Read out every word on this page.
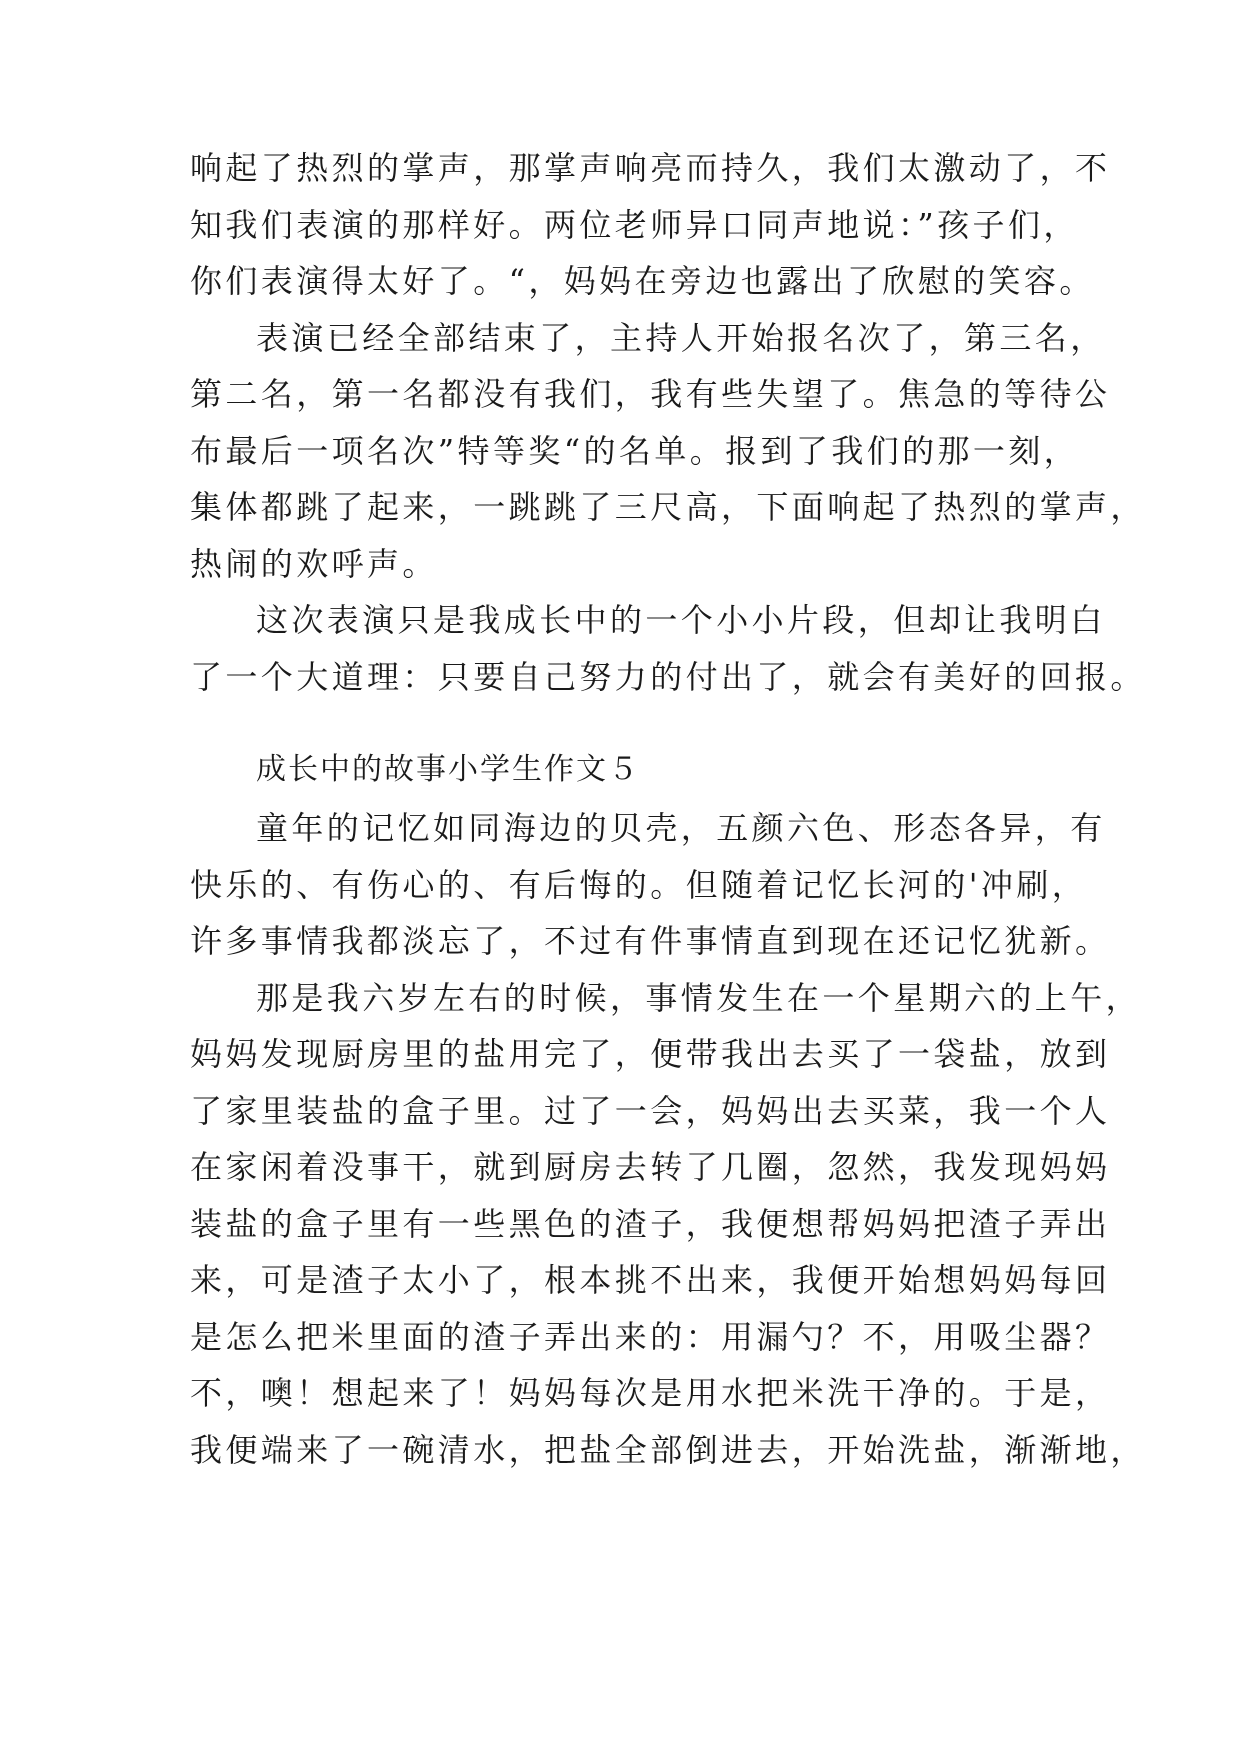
响起了热烈的掌声，那掌声响亮而持久，我们太激动了，不
知我们表演的那样好。两位老师异口同声地说：”孩子们，
你们表演得太好了。“，妈妈在旁边也露出了欣慰的笑容。
表演已经全部结束了，主持人开始报名次了，第三名，
第二名，第一名都没有我们，我有些失望了。焦急的等待公
布最后一项名次”特等奖“的名单。报到了我们的那一刻，
集体都跳了起来，一跳跳了三尺高，下面响起了热烈的掌声，
热闹的欢呼声。
这次表演只是我成长中的一个小小片段，但却让我明白
了一个大道理：只要自己努力的付出了，就会有美好的回报。
成长中的故事小学生作文５
童年的记忆如同海边的贝壳，五颜六色、形态各异，有
快乐的、有伤心的、有后悔的。但随着记忆长河的'冲刷，
许多事情我都淡忘了，不过有件事情直到现在还记忆犹新。
那是我六岁左右的时候，事情发生在一个星期六的上午，
妈妈发现厨房里的盐用完了，便带我出去买了一袋盐，放到
了家里装盐的盒子里。过了一会，妈妈出去买菜，我一个人
在家闲着没事干，就到厨房去转了几圈，忽然，我发现妈妈
装盐的盒子里有一些黑色的渣子，我便想帮妈妈把渣子弄出
来，可是渣子太小了，根本挑不出来，我便开始想妈妈每回
是怎么把米里面的渣子弄出来的：用漏勺？不，用吸尘器？
不，噢！想起来了！妈妈每次是用水把米洗干净的。于是，
我便端来了一碗清水，把盐全部倒进去，开始洗盐，渐渐地，
